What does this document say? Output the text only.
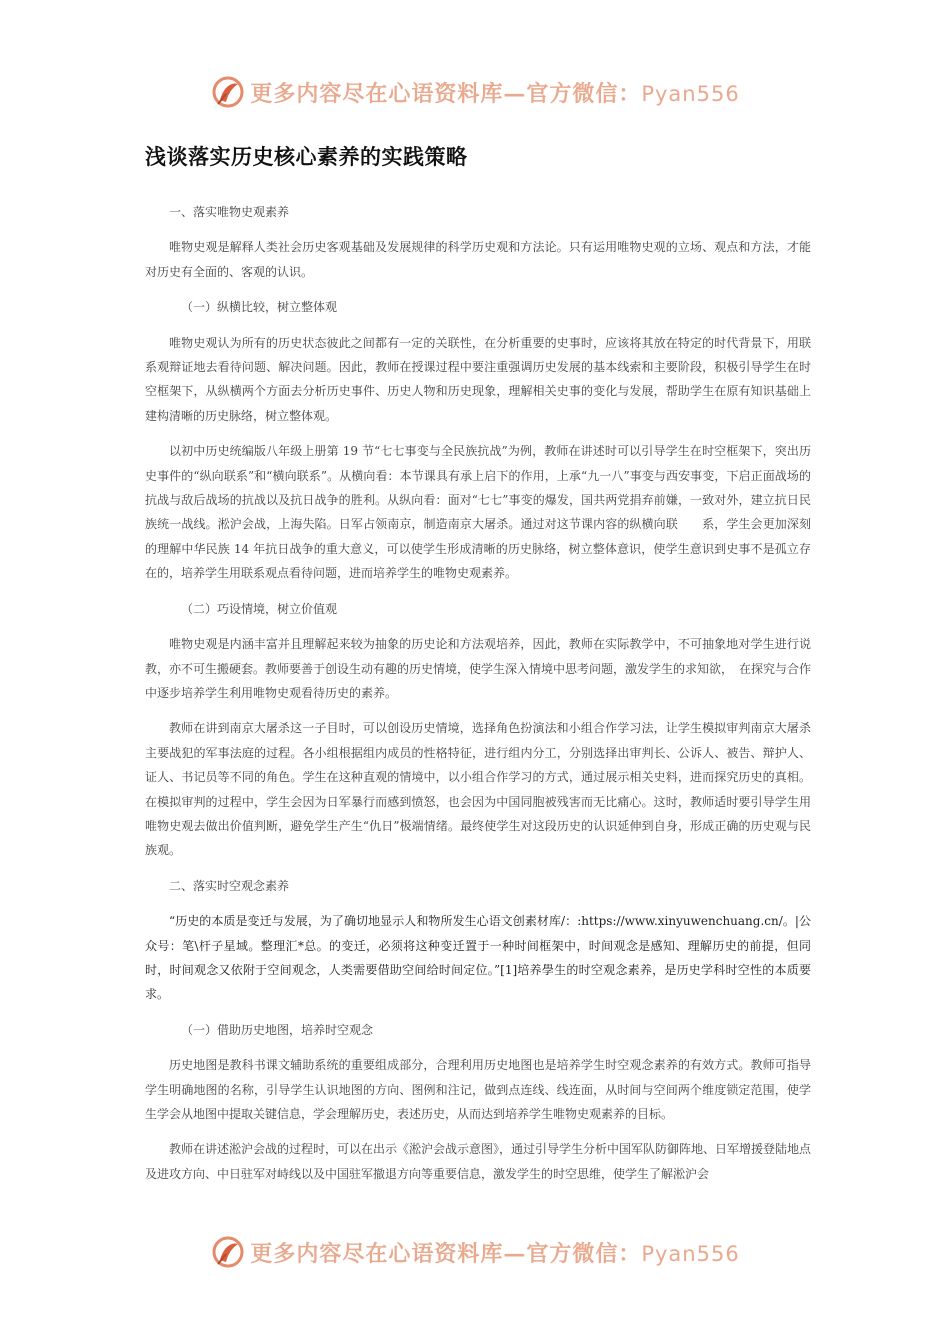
更多内容尽在心语资料库—官方微信：Pyan556
浅谈落实历史核心素养的实践策略

一、落实唯物史观素养

唯物史观是解释人类社会历史客观基础及发展规律的科学历史观和方法论。只有运用唯物史观的立场、观点和方法，才能对历史有全面的、客观的认识。

（一）纵横比较，树立整体观

唯物史观认为所有的历史状态彼此之间都有一定的关联性，在分析重要的史事时，应该将其放在特定的时代背景下，用联系观辩证地去看待问题、解决问题。因此，教师在授课过程中要注重强调历史发展的基本线索和主要阶段，积极引导学生在时空框架下，从纵横两个方面去分析历史事件、历史人物和历史现象，理解相关史事的变化与发展，帮助学生在原有知识基础上建构清晰的历史脉络，树立整体观。

以初中历史统编版八年级上册第 19 节“七七事变与全民族抗战”为例，教师在讲述时可以引导学生在时空框架下，突出历史事件的“纵向联系”和“横向联系”。从横向看：本节课具有承上启下的作用，上承“九一八”事变与西安事变，下启正面战场的抗战与敌后战场的抗战以及抗日战争的胜利。从纵向看：面对“七七”事变的爆发，国共两党捐弃前嫌，一致对外，建立抗日民族统一战线。淞沪会战，上海失陷。日军占领南京，制造南京大屠杀。通过对这节课内容的纵横向联　　系，学生会更加深刻的理解中华民族 14 年抗日战争的重大意义，可以使学生形成清晰的历史脉络，树立整体意识，使学生意识到史事不是孤立存在的，培养学生用联系观点看待问题，进而培养学生的唯物史观素养。

（二）巧设情境，树立价值观

唯物史观是内涵丰富并且理解起来较为抽象的历史论和方法观培养，因此，教师在实际教学中，不可抽象地对学生进行说教，亦不可生搬硬套。教师要善于创设生动有趣的历史情境，使学生深入情境中思考问题，激发学生的求知欲，　在探究与合作中逐步培养学生利用唯物史观看待历史的素养。

教师在讲到南京大屠杀这一子目时，可以创设历史情境，选择角色扮演法和小组合作学习法，让学生模拟审判南京大屠杀主要战犯的军事法庭的过程。各小组根据组内成员的性格特征，进行组内分工，分别选择出审判长、公诉人、被告、辩护人、证人、书记员等不同的角色。学生在这种直观的情境中，以小组合作学习的方式，通过展示相关史料，进而探究历史的真相。在模拟审判的过程中，学生会因为日军暴行而感到愤怒，也会因为中国同胞被残害而无比痛心。这时，教师适时要引导学生用唯物史观去做出价值判断，避免学生产生“仇日”极端情绪。最终使学生对这段历史的认识延伸到自身，形成正确的历史观与民族观。

二、落实时空观念素养

“历史的本质是变迁与发展，为了确切地显示人和物所发生心语文创素材库/：:https://www.xinyuwenchuang.cn/。|公众号：笔\杆子星域。整理汇*总。的变迁，必须将这种变迁置于一种时间框架中，时间观念是感知、理解历史的前提，但同时，时间观念又依附于空间观念，人类需要借助空间给时间定位。”[1]培养學生的时空观念素养，是历史学科时空性的本质要求。

（一）借助历史地图，培养时空观念

历史地图是教科书课文辅助系统的重要组成部分，合理利用历史地图也是培养学生时空观念素养的有效方式。教师可指导学生明确地图的名称，引导学生认识地图的方向、图例和注记，做到点连线、线连面，从时间与空间两个维度锁定范围，使学生学会从地图中提取关键信息，学会理解历史，表述历史，从而达到培养学生唯物史观素养的目标。

教师在讲述淞沪会战的过程时，可以在出示《淞沪会战示意图》，通过引导学生分析中国军队防御阵地、日军增援登陆地点及进攻方向、中日驻军对峙线以及中国驻军撤退方向等重要信息，激发学生的时空思维，使学生了解淞沪会

更多内容尽在心语资料库—官方微信：Pyan556
